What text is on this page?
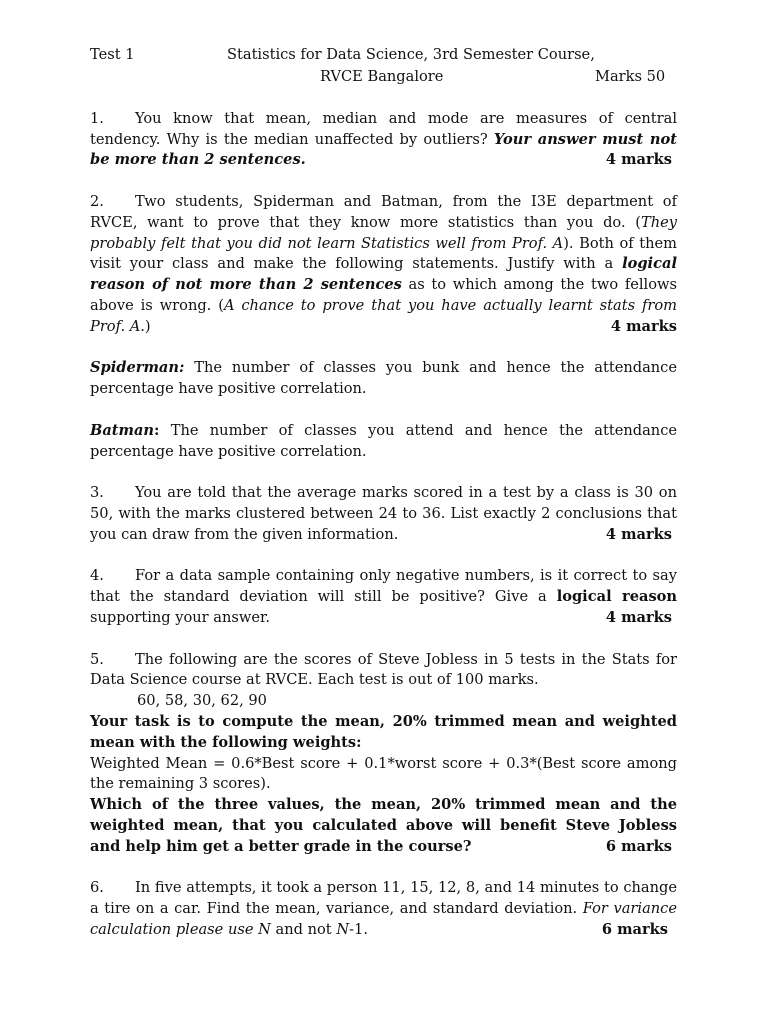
Test 1	Statistics for Data Science, 3rd Semester Course,
RVCE Bangalore	Marks 50

1. You know that mean, median and mode are measures of central tendency. Why is the median unaffected by outliers? Your answer must not be more than 2 sentences.	4 marks

2. Two students, Spiderman and Batman, from the I3E department of RVCE, want to prove that they know more statistics than you do. (They probably felt that you did not learn Statistics well from Prof. A). Both of them visit your class and make the following statements. Justify with a logical reason of not more than 2 sentences as to which among the two fellows above is wrong. (A chance to prove that you have actually learnt stats from Prof. A.)	4 marks

Spiderman: The number of classes you bunk and hence the attendance percentage have positive correlation.

Batman: The number of classes you attend and hence the attendance percentage have positive correlation.

3. You are told that the average marks scored in a test by a class is 30 on 50, with the marks clustered between 24 to 36. List exactly 2 conclusions that you can draw from the given information.	4 marks

4. For a data sample containing only negative numbers, is it correct to say that the standard deviation will still be positive? Give a logical reason supporting your answer.	4 marks

5. The following are the scores of Steve Jobless in 5 tests in the Stats for Data Science course at RVCE. Each test is out of 100 marks.

60, 58, 30, 62, 90

Your task is to compute the mean, 20% trimmed mean and weighted mean with the following weights:

Weighted Mean = 0.6*Best score + 0.1*worst score + 0.3*(Best score among the remaining 3 scores).

Which of the three values, the mean, 20% trimmed mean and the weighted mean, that you calculated above will benefit Steve Jobless and help him get a better grade in the course?	6 marks

6. In five attempts, it took a person 11, 15, 12, 8, and 14 minutes to change a tire on a car. Find the mean, variance, and standard deviation. For variance calculation please use N and not N-1.	6 marks
